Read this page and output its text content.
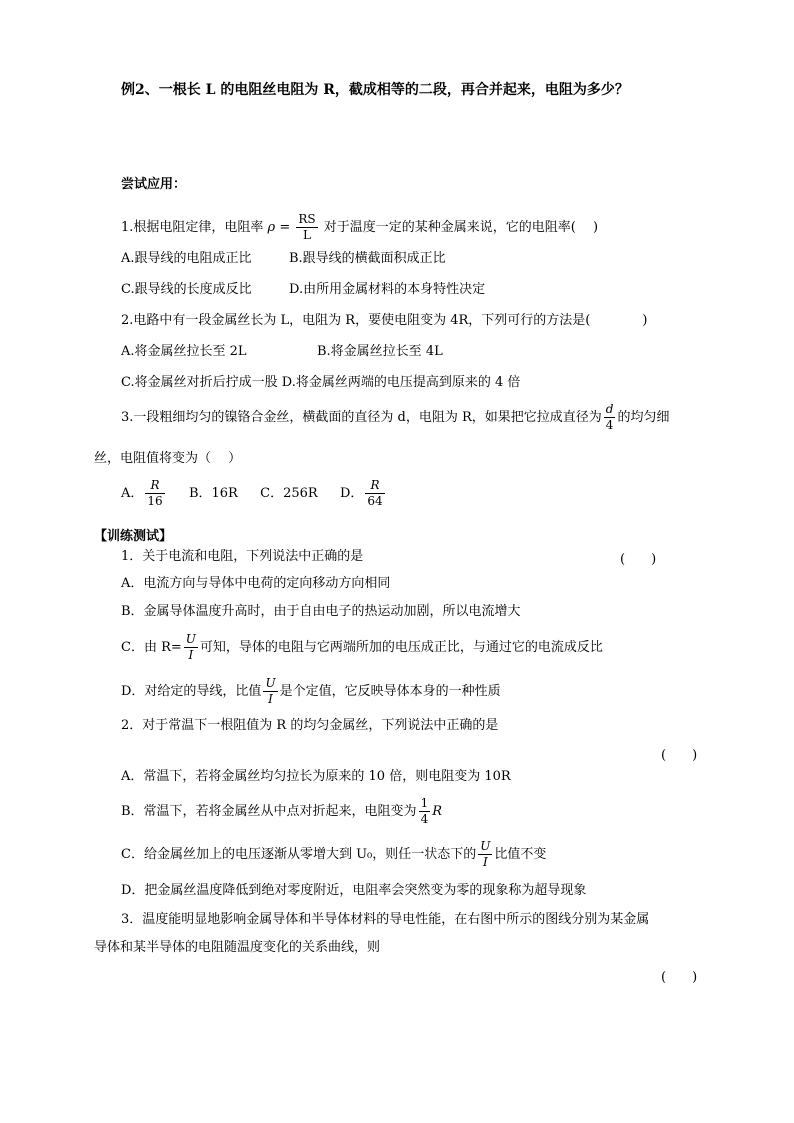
例2、一根长 L 的电阻丝电阻为 R，截成相等的二段，再合并起来，电阻为多少？
尝试应用：
1.根据电阻定律，电阻率 $\rho = \frac{RS}{L}$ 对于温度一定的某种金属来说，它的电阻率(　 )
A.跟导线的电阻成正比	B.跟导线的横截面积成正比
C.跟导线的长度成反比	D.由所用金属材料的本身特性决定
2.电路中有一段金属丝长为 L，电阻为 R，要使电阻变为 4R，下列可行的方法是(　　　　)
A.将金属丝拉长至 2L	B.将金属丝拉长至 4L
C.将金属丝对折后拧成一股 D.将金属丝两端的电压提高到原来的 4 倍
3.一段粗细均匀的镍铬合金丝，横截面的直径为 d，电阻为 R，如果把它拉成直径为 $\frac{d}{4}$ 的均匀细
丝，电阻值将变为（　 ）
A． $\frac{R}{16}$ B．16R C．256R D． $\frac{R}{64}$
【训练测试】
1．关于电流和电阻，下列说法中正确的是	(　　)
A．电流方向与导体中电荷的定向移动方向相同
B．金属导体温度升高时，由于自由电子的热运动加剧，所以电流增大
C．由 $R= \frac{U}{I}$ 可知，导体的电阻与它两端所加的电压成正比，与通过它的电流成反比
D．对给定的导线，比值 $\frac{U}{I}$ 是个定值，它反映导体本身的一种性质
2．对于常温下一根阻值为 R 的均匀金属丝，下列说法中正确的是
(　　)
A．常温下，若将金属丝均匀拉长为原来的 10 倍，则电阻变为 10R
B．常温下，若将金属丝从中点对折起来，电阻变为 $\frac{1}{4}$ R
C．给金属丝加上的电压逐渐从零增大到 U₀，则任一状态下的 $\frac{U}{I}$ 比值不变
D．把金属丝温度降低到绝对零度附近，电阻率会突然变为零的现象称为超导现象
3．温度能明显地影响金属导体和半导体材料的导电性能，在右图中所示的图线分别为某金属
导体和某半导体的电阻随温度变化的关系曲线，则
(　　)
